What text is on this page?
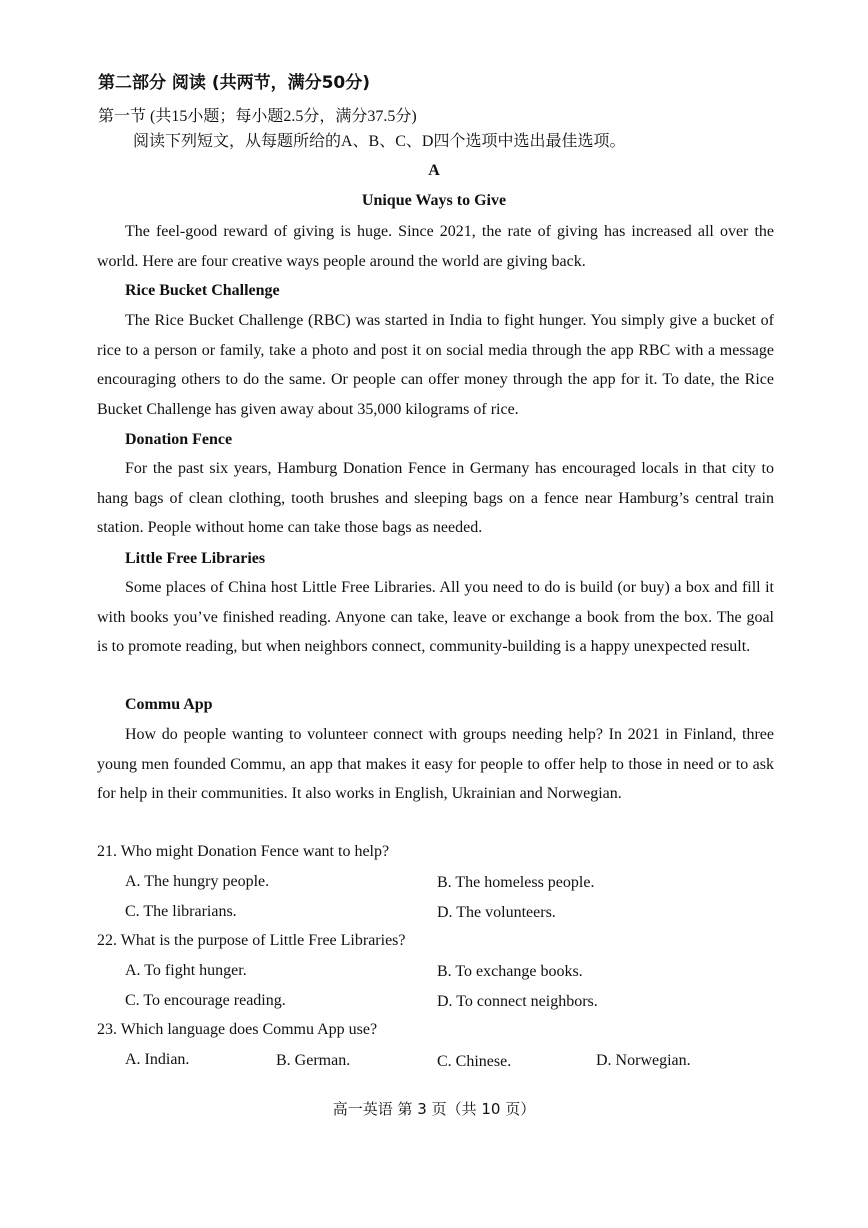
第二部分 阅读 (共两节，满分50分)
第一节 (共15小题；每小题2.5分，满分37.5分)
阅读下列短文，从每题所给的A、B、C、D四个选项中选出最佳选项。
A
Unique Ways to Give

The feel-good reward of giving is huge. Since 2021, the rate of giving has increased all over the world. Here are four creative ways people around the world are giving back.

Rice Bucket Challenge

The Rice Bucket Challenge (RBC) was started in India to fight hunger. You simply give a bucket of rice to a person or family, take a photo and post it on social media through the app RBC with a message encouraging others to do the same. Or people can offer money through the app for it. To date, the Rice Bucket Challenge has given away about 35,000 kilograms of rice.

Donation Fence

For the past six years, Hamburg Donation Fence in Germany has encouraged locals in that city to hang bags of clean clothing, tooth brushes and sleeping bags on a fence near Hamburg’s central train station. People without home can take those bags as needed.

Little Free Libraries

Some places of China host Little Free Libraries. All you need to do is build (or buy) a box and fill it with books you’ve finished reading. Anyone can take, leave or exchange a book from the box. The goal is to promote reading, but when neighbors connect, community-building is a happy unexpected result.

Commu App

How do people wanting to volunteer connect with groups needing help? In 2021 in Finland, three young men founded Commu, an app that makes it easy for people to offer help to those in need or to ask for help in their communities. It also works in English, Ukrainian and Norwegian.

21. Who might Donation Fence want to help?
A. The hungry people.	B. The homeless people.
C. The librarians.	D. The volunteers.
22. What is the purpose of Little Free Libraries?
A. To fight hunger.	B. To exchange books.
C. To encourage reading.	D. To connect neighbors.
23. Which language does Commu App use?
A. Indian.	B. German.	C. Chinese.	D. Norwegian.
高一英语 第 3 页（共 10 页）
